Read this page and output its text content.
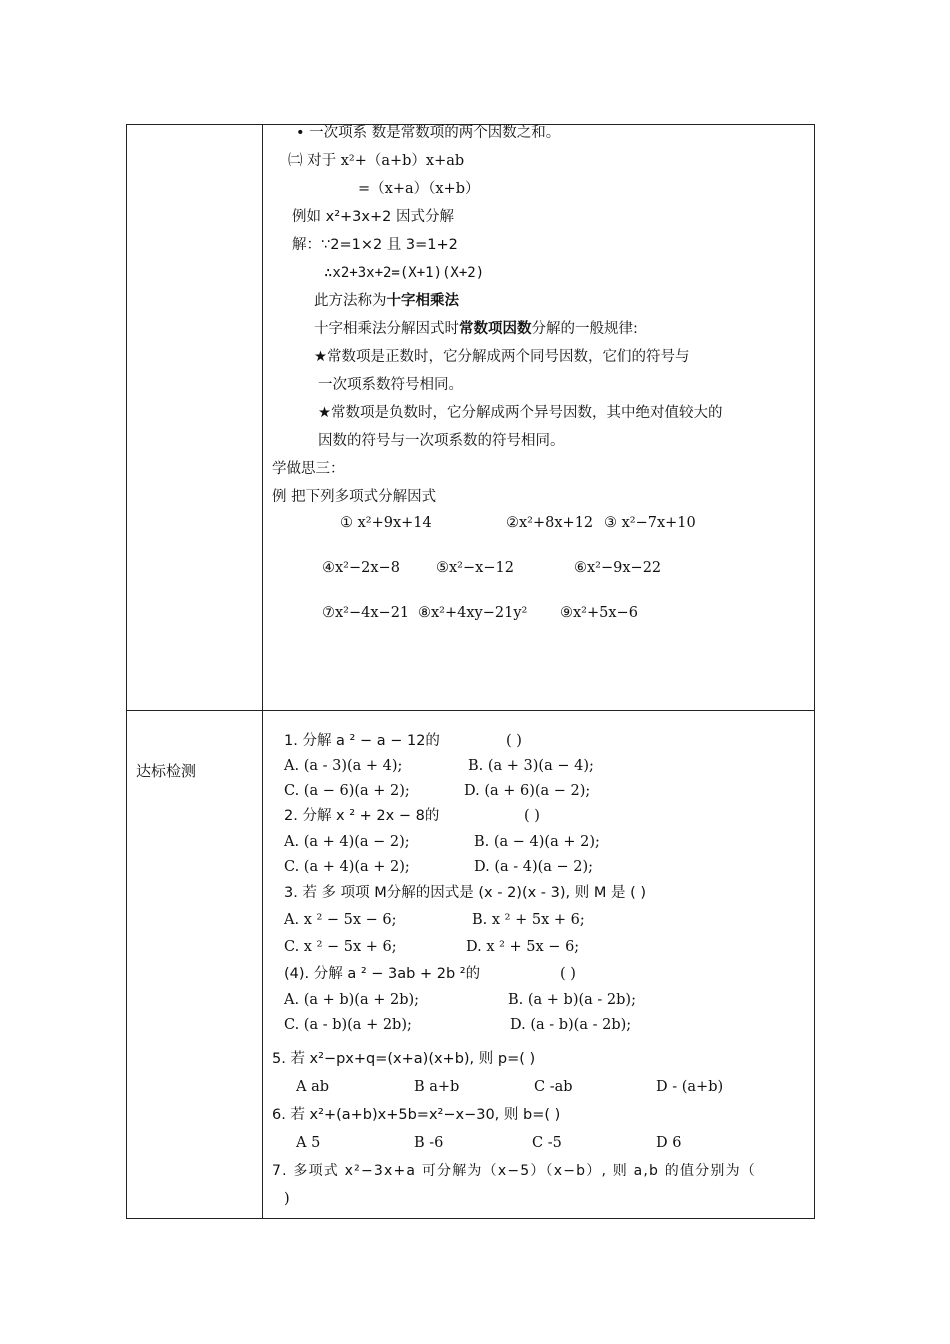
达标检测
• 一次项系 数是常数项的两个因数之和。
㈡ 对于 x²+（a+b）x+ab
=（x+a）（x+b）
例如 x²+3x+2 因式分解
解：∵2=1×2 且 3=1+2
∴x2+3x+2=(X+1)(X+2)
此方法称为十字相乘法
十字相乘法分解因式时常数项因数分解的一般规律:
★常数项是正数时，它分解成两个同号因数，它们的符号与
一次项系数符号相同。
★常数项是负数时，它分解成两个异号因数，其中绝对值较大的
因数的符号与一次项系数的符号相同。
学做思三：
例 把下列多项式分解因式
① x²+9x+14	②x²+8x+12 ③ x²−7x+10
④x²−2x−8 ⑤x²−x−12	⑥x²−9x−22
⑦x²−4x−21 ⑧x²+4xy−21y² ⑨x²+5x−6
1. 分解 a ² − a − 12的	( )
A. (a - 3)(a + 4);	B. (a + 3)(a − 4);
C. (a − 6)(a + 2);	D. (a + 6)(a − 2);
2. 分解 x ² + 2x − 8的	( )
A. (a + 4)(a − 2);	B. (a − 4)(a + 2);
C. (a + 4)(a + 2);	D. (a - 4)(a − 2);
3. 若 多 项项 M分解的因式是 (x - 2)(x - 3), 则 M 是 ( )
A. x ² − 5x − 6;	B. x ² + 5x + 6;
C. x ² − 5x + 6;	D. x ² + 5x − 6;
(4). 分解 a ² − 3ab + 2b ²的	( )
A. (a + b)(a + 2b);	B. (a + b)(a - 2b);
C. (a - b)(a + 2b);	D. (a - b)(a - 2b);
5. 若 x²−px+q=(x+a)(x+b), 则 p=( )
A ab	B a+b	C -ab	D - (a+b)
6. 若 x²+(a+b)x+5b=x²−x−30, 则 b=( )
A 5	B -6	C -5	D 6
7. 多项式 x²−3x+a 可分解为（x−5）（x−b）, 则 a,b 的值分别为（
)
